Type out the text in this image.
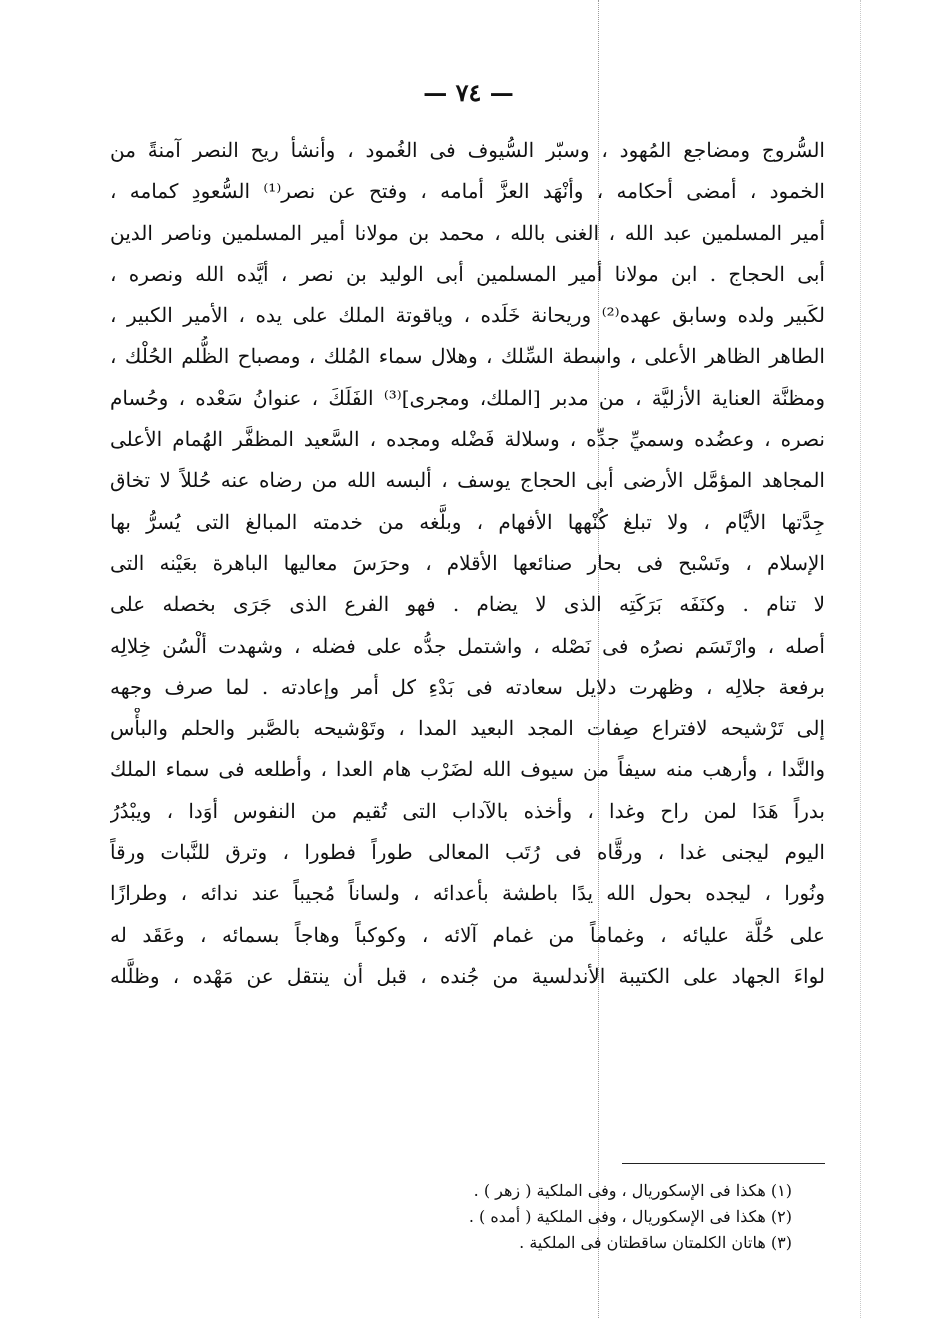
— ٧٤ —
السُّروج ومضاجع المُهود ، وسبّر السُّيوف فى الغُمود ، وأنشأ ريح النصر آمنةً من
الخمود ، أمضى أحكامه ، وأنْهَد العزَّ أمامه ، وفتح عن نصر⁽¹⁾ السُّعودِ كمامه ،
أمير المسلمين عبد الله ، الغنى بالله ، محمد بن مولانا أمير المسلمين وناصر الدين
أبى الحجاج . ابن مولانا أمير المسلمين أبى الوليد بن نصر ، أيَّده الله ونصره ،
لكَبير ولده وسابق عهده⁽²⁾ وريحانة خَلَده ، وياقوتة الملك على يده ، الأمير الكبير ،
الطاهر الظاهر الأعلى ، واسطة السِّلك ، وهلال سماء المُلك ، ومصباح الظُّلم الحُلْك ،
ومظنَّة العناية الأزليَّة ، من مدبر [الملك، ومجرى]⁽³⁾ الفَلَكَ ، عنوانُ سَعْده ، وحُسام
نصره ، وعضُده وسميِّ جدِّه ، وسلالة فَضْله ومجده ، السَّعيد المظفَّر الهُمام الأعلى
المجاهد المؤمَّل الأرضى أبى الحجاج يوسف ، ألبسه الله من رضاه عنه حُللاً لا تخاق
جِدَّتها الأيَّام ، ولا تبلغ كُنْهها الأفهام ، وبلَّغه من خدمته المبالغ التى يُسرُّ بها
الإسلام ، وتَسْبح فى بحار صنائعها الأقلام ، وحرَسَ معاليها الباهرة بعَيْنه التى
لا تنام . وكنَفَه بَرَكَتِه الذى لا يضام . فهو الفرع الذى جَرَى بخصله على
أصله ، وارْتَسَم نصرُه فى نَصْله ، واشتمل جدُّه على فضله ، وشهدت ألْسُن خِلالِه
برفعة جلالِه ، وظهرت دلايل سعادته فى بَدْءِ كل أمر وإعادته . لما صرف وجهه
إلى تَرْشيحه لافتراع صِفات المجد البعيد المدا ، وتَوْشيحه بالصَّبر والحلم والبأْس
والنَّدا ، وأرهب منه سيفاً من سيوف الله لضَرْب هام العدا ، وأطلعه فى سماء الملك
بدراً هَدَا لمن راح وغدا ، وأخذه بالآداب التى تُقيم من النفوس أوَدا ، ويبْدُرُ
اليوم ليجنى غدا ، ورقَّاه فى رُتَب المعالى طوراً فطورا ، وترق للنَّبات ورقاً
ونُورا ، ليجده بحول الله يدًا باطشة بأعدائه ، ولساناً مُجيباً عند ندائه ، وطرازًا
على حُلَّة عليائه ، وغماماً من غمام آلائه ، وكوكباً وهاجاً بسمائه ، وعَقَد له
لواءَ الجهاد على الكتيبة الأندلسية من جُنده ، قبل أن ينتقل عن مَهْده ، وظلَّله
(١) هكذا فى الإسكوريال ، وفى الملكية ( زهر ) .
(٢) هكذا فى الإسكوريال ، وفى الملكية ( أمده ) .
(٣) هاتان الكلمتان ساقطتان فى الملكية .
